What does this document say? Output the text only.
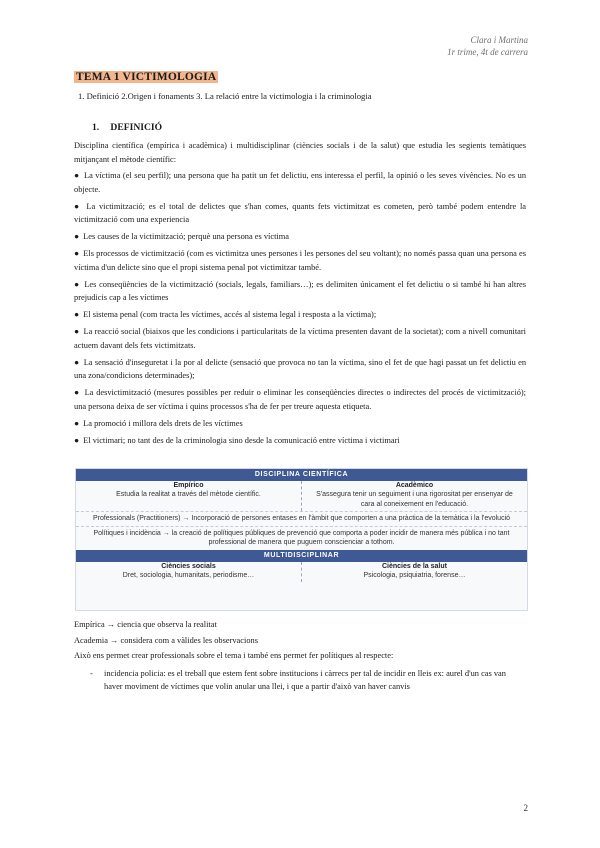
Clara i Martina
1r trime, 4t de carrera
TEMA 1 VICTIMOLOGIA
1. Definició 2.Origen i fonaments 3. La relació entre la victimologia i la criminologia
1. DEFINICIÓ

Disciplina científica (empírica i acadèmica) i multidisciplinar (ciències socials i de la salut) que estudia les segients temàtiques mitjançant el mètode científic:

● La víctima (el seu perfil); una persona que ha patit un fet delictiu, ens interessa el perfil, la opinió o les seves vivències. No es un objecte.

● La victimització; es el total de delictes que s'han comes, quants fets victimitzat es cometen, però també podem entendre la victimització com una experiencia

● Les causes de la victimització; perquè una persona es víctima

● Els processos de victimització (com es victimitza unes persones i les persones del seu voltant); no només passa quan una persona es víctima d'un delicte sino que el propi sistema penal pot victimitzar també.

● Les conseqüències de la victimització (socials, legals, familiars…); es delimiten únicament el fet delictiu o si també hi han altres prejudicis cap a les víctimes

● El sistema penal (com tracta les víctimes, accés al sistema legal i resposta a la víctima);

● La reacció social (biaixos que les condicions i particularitats de la víctima presenten davant de la societat); com a nivell comunitari actuem davant dels fets victimitzats.

● La sensació d'inseguretat i la por al delicte (sensació que provoca no tan la víctima, sino el fet de que hagi passat un fet delictiu en una zona/condicions determinades);

● La desvictimització (mesures possibles per reduir o eliminar les conseqüències directes o indirectes del procés de victimització); una persona deixa de ser víctima i quins processos s'ha de fer per treure aquesta etiqueta.

● La promoció i millora dels drets de les víctimes

● El victimari; no tant des de la criminologia sino desde la comunicació entre víctima i victimari

DISCIPLINA CIENTÍFICA
Empírico
Estudia la realitat a través del mètode científic.
Acadèmico
S'assegura tenir un seguiment i una rigorositat per ensenyar de cara al coneixement en l'educació.
Professionals (Practitioners) → Incorporació de persones entases en l'àmbit que comporten a una pràctica de la temàtica i la l'evolució
Polítiques i incidència → la creació de polítiques públiques de prevenció que comporta a poder incidir de manera més pública i no tant professional de manera que puguem conscienciar a tothom.
MULTIDISCIPLINAR
Ciències socials
Dret, sociologia, humanitats, periodisme…
Ciències de la salut
Psicologia, psiquiatria, forense…

Empírica → ciencia que observa la realitat

Academia → considera com a vàlides les observacions

Això ens permet crear professionals sobre el tema i també ens permet fer polítiques al respecte:

-	incidencia policia: es el treball que estem fent sobre institucions i càrrecs per tal de incidir en lleis ex: aurel d'un cas van haver moviment de víctimes que volin anular una llei, i que a partir d'això van haver canvis
2
